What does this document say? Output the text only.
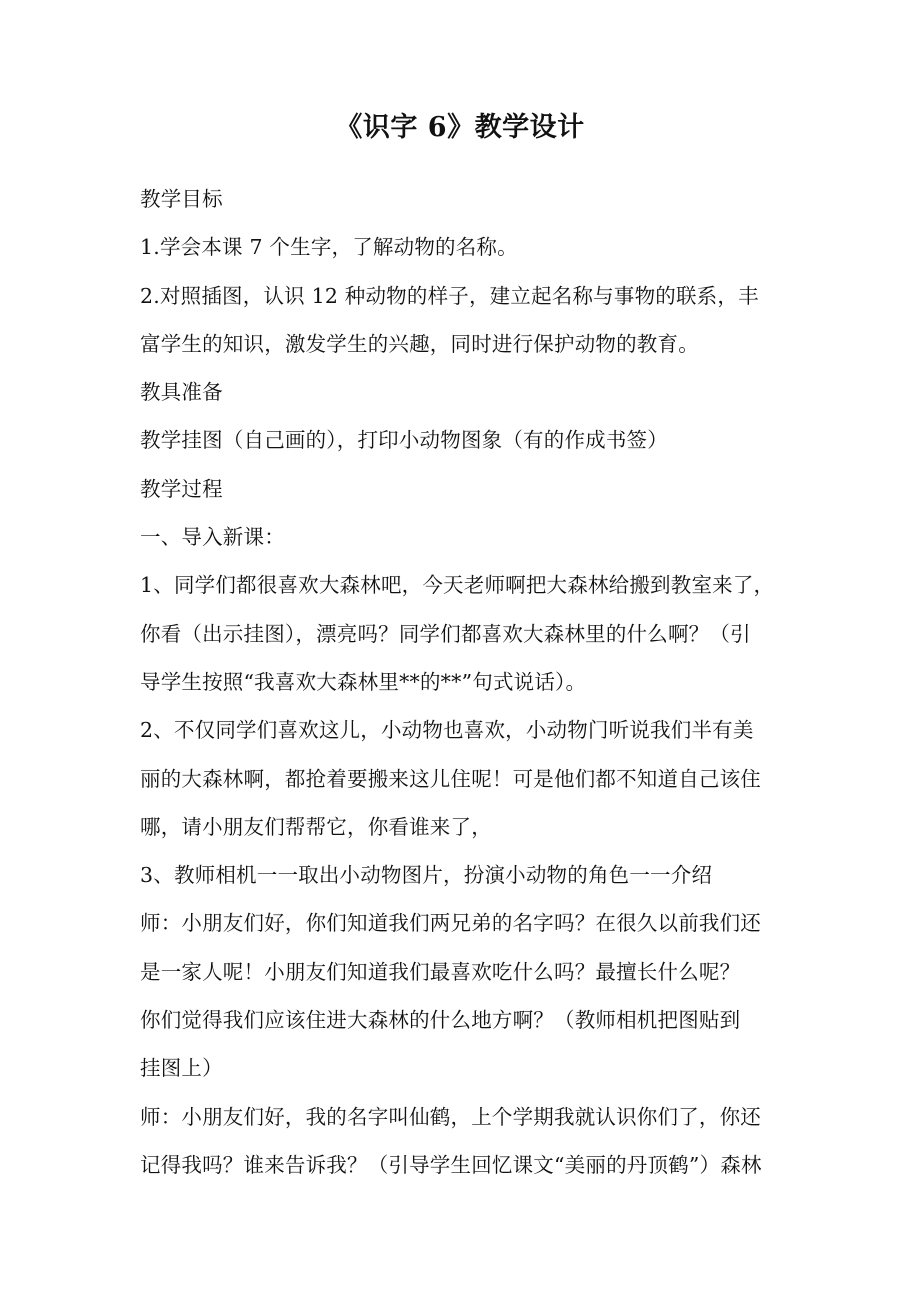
《识字 6》教学设计
教学目标
1.学会本课 7 个生字，了解动物的名称。
2.对照插图，认识 12 种动物的样子，建立起名称与事物的联系，丰
富学生的知识，激发学生的兴趣，同时进行保护动物的教育。
教具准备
教学挂图（自己画的），打印小动物图象（有的作成书签）
教学过程
一、导入新课：
1、同学们都很喜欢大森林吧，今天老师啊把大森林给搬到教室来了，
你看（出示挂图），漂亮吗？同学们都喜欢大森林里的什么啊？（引
导学生按照“我喜欢大森林里**的**”句式说话）。
2、不仅同学们喜欢这儿，小动物也喜欢，小动物门听说我们半有美
丽的大森林啊，都抢着要搬来这儿住呢！可是他们都不知道自己该住
哪，请小朋友们帮帮它，你看谁来了，
3、教师相机一一取出小动物图片，扮演小动物的角色一一介绍
师：小朋友们好，你们知道我们两兄弟的名字吗？在很久以前我们还
是一家人呢！小朋友们知道我们最喜欢吃什么吗？最擅长什么呢？
你们觉得我们应该住进大森林的什么地方啊？（教师相机把图贴到
挂图上）
师：小朋友们好，我的名字叫仙鹤，上个学期我就认识你们了，你还
记得我吗？谁来告诉我？（引导学生回忆课文“美丽的丹顶鹤”）森林
